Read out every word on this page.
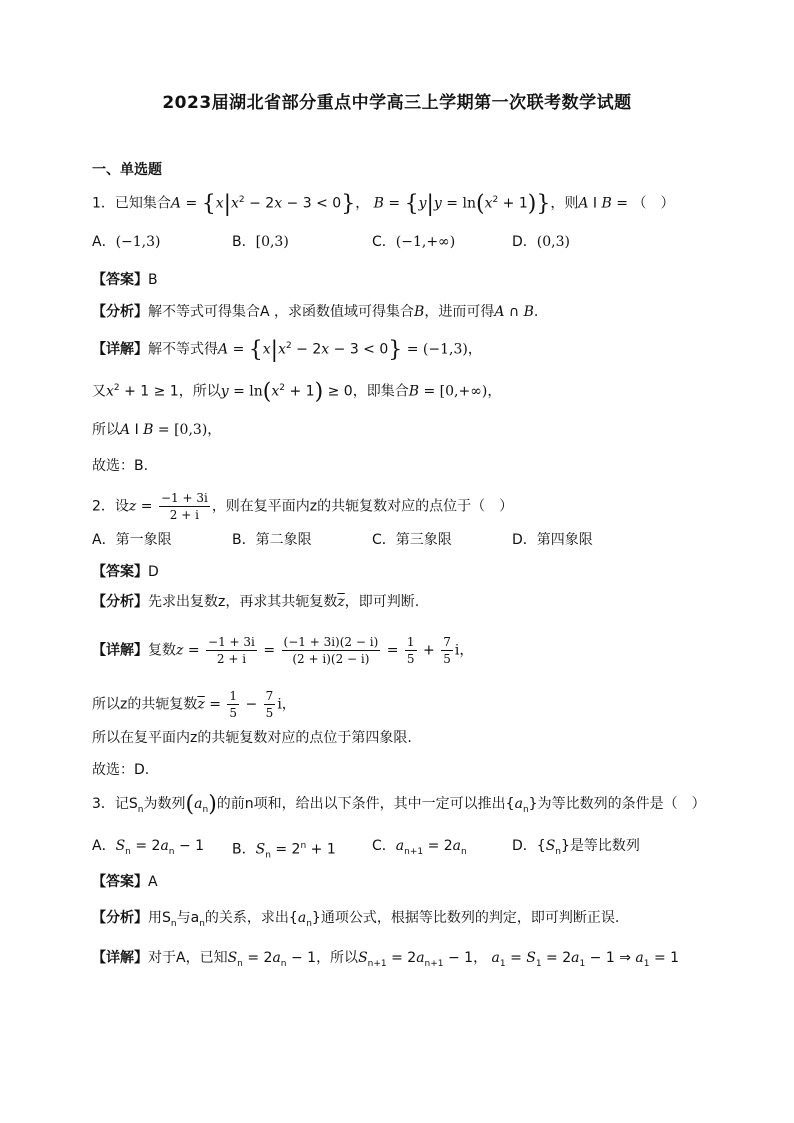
2023届湖北省部分重点中学高三上学期第一次联考数学试题
一、单选题
1．已知集合$A = \{x|x^2 - 2x - 3 < 0\}$， $B = \{y|y = \ln(x^2 + 1)\}$，则A I B = （　）
A．(−1,3)	B．[0,3)	C．(−1,+∞)	D．(0,3)
【答案】B
【分析】解不等式可得集合A ，求函数值域可得集合B，进而可得A ∩ B.
【详解】解不等式得$A = \{x|x^2 - 2x - 3 < 0\} = (-1,3)$，
又$x^2 + 1 \ge 1$，所以$y = \ln(x^2 + 1) \ge 0$，即集合B = [0,+∞)，
所以A I B = [0,3)，
故选：B.
2．设$z = \frac{-1 + 3i}{2 + i}$ ，则在复平面内z的共轭复数对应的点位于（　）
A．第一象限	B．第二象限	C．第三象限	D．第四象限
【答案】D
【分析】先求出复数z，再求其共轭复数$\overline{z}$，即可判断.
【详解】复数$z = \frac{-1 + 3i}{2 + i} = \frac{(-1 + 3i)(2 - i)}{(2 + i)(2 - i)} = \frac{1}{5} + \frac{7}{5}$ i，
所以z的共轭复数$\overline{z} = \frac{1}{5} - \frac{7}{5}$ i，
所以在复平面内z的共轭复数对应的点位于第四象限.
故选：D.
3．记$S_n$为数列$(a_n)$的前n项和，给出以下条件，其中一定可以推出$\{a_n\}$为等比数列的条件是（　）
A．$S_n = 2a_n - 1$ B．$S_n = 2^n + 1$	C．$a_{n+1} = 2a_n$	D．$\{S_n\}$是等比数列
【答案】A
【分析】用$S_n$与$a_n$的关系，求出$\{a_n\}$通项公式，根据等比数列的判定，即可判断正误.
【详解】对于A，已知$S_n = 2a_n - 1$，所以$S_{n+1} = 2a_{n+1} - 1$， $a_1 = S_1 = 2a_1 - 1$ ⇒ $a_1 = 1$
